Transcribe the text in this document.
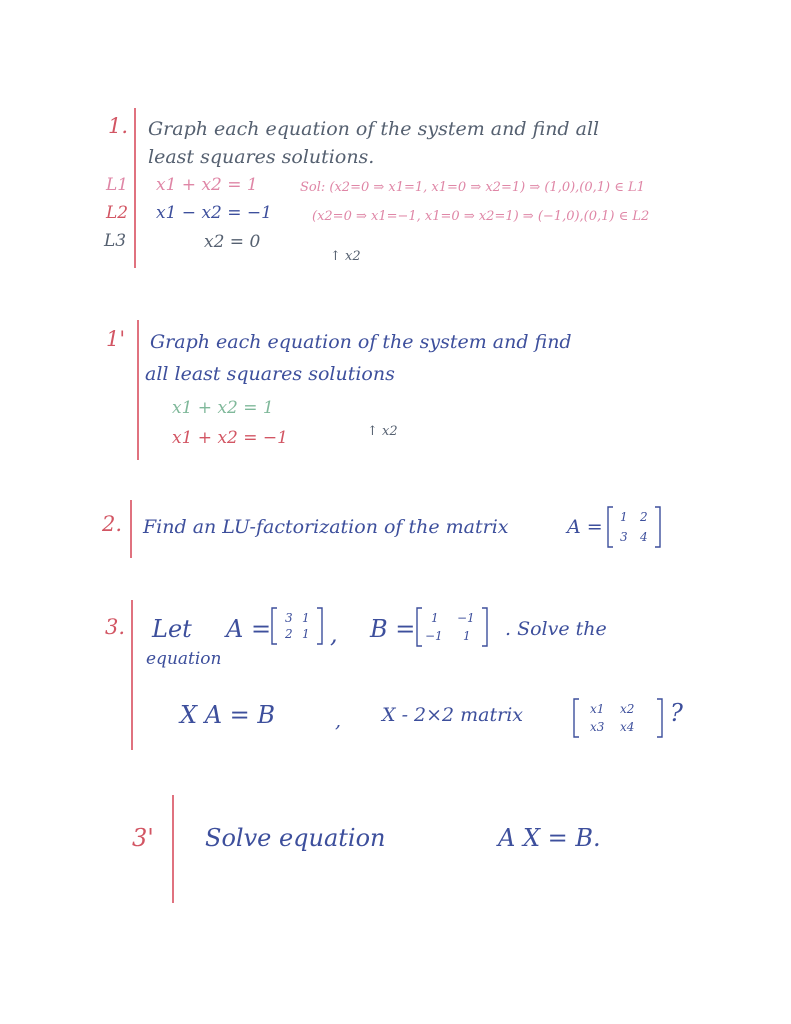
1. Graph each equation of the system and find all
least squares solutions.
L1 x1 + x2 = 1	Sol: (x2=0 ⇒ x1=1, x1=0 ⇒ x2=1) ⇒ (1,0),(0,1) ∈ L1
L2 x1 − x2 = −1	(x2=0 ⇒ x1=−1, x1=0 ⇒ x2=1) ⇒ (−1,0),(0,1) ∈ L2
L3	x2 = 0
↑ x2
1' Graph each equation of the system and find
all least squares solutions
x1 + x2 = 1
x1 + x2 = −1	↑ x2
2. Find an LU-factorization of the matrix	A = 1 2
3 4
3. Let A = 3 1
2 1 , B = 1 −1
−1 1 . Solve the
equation
X A = B	, X - 2×2 matrix	x1 x2
x3 x4 ?
3' Solve equation	A X = B.
